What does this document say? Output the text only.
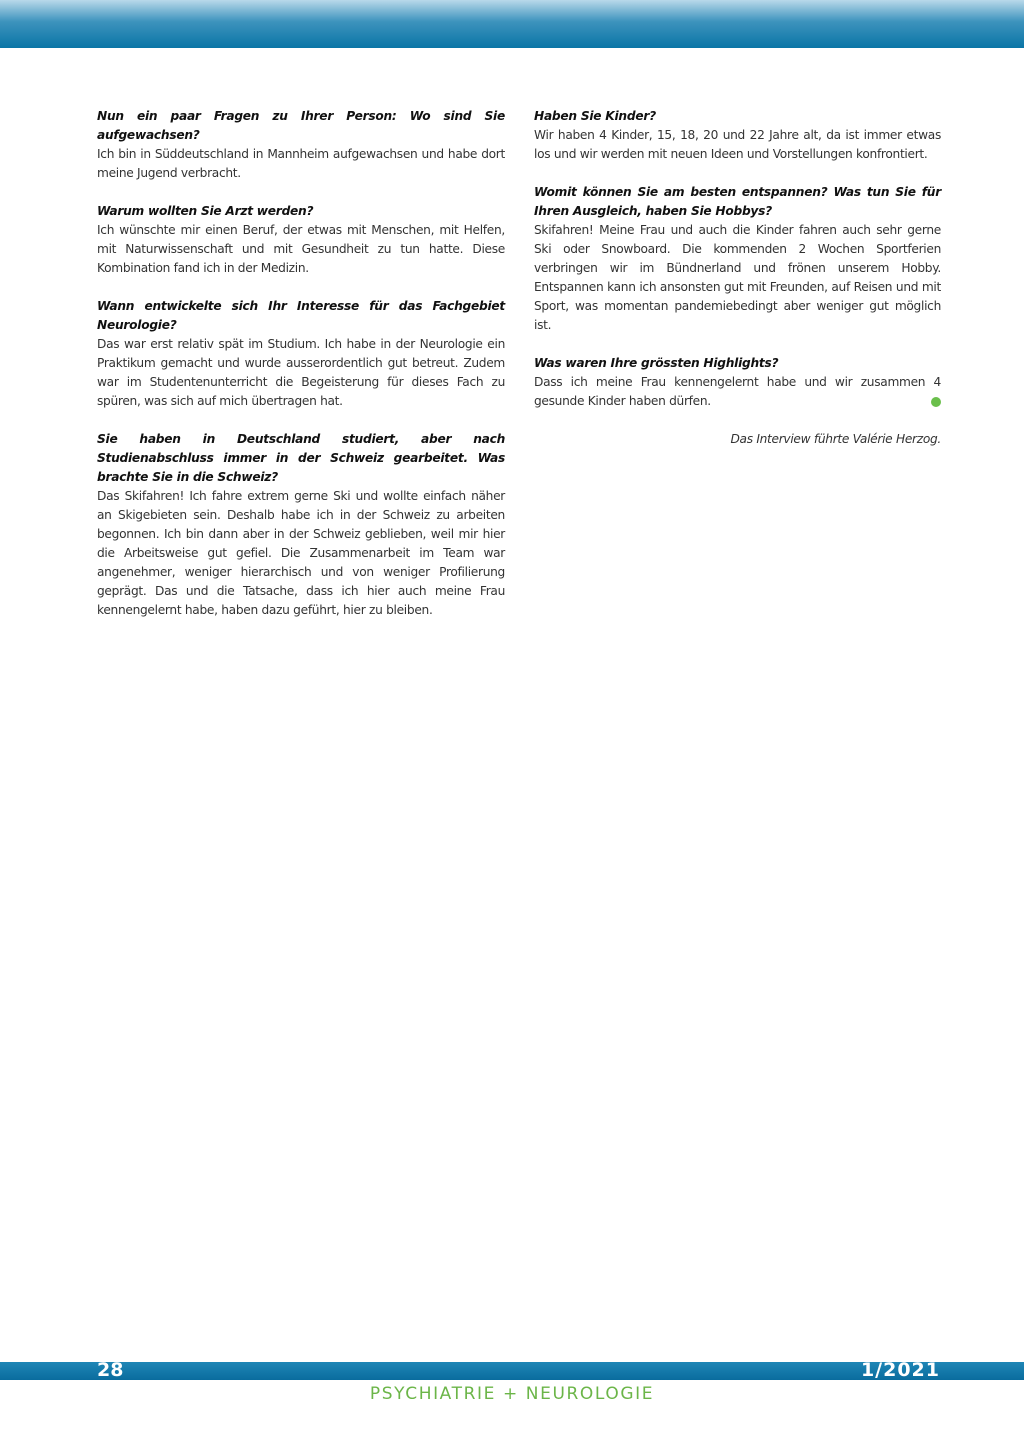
Nun ein paar Fragen zu Ihrer Person: Wo sind Sie aufgewachsen?

Ich bin in Süddeutschland in Mannheim aufgewachsen und habe dort meine Jugend verbracht.

Warum wollten Sie Arzt werden?

Ich wünschte mir einen Beruf, der etwas mit Menschen, mit Helfen, mit Naturwissenschaft und mit Gesundheit zu tun hatte. Diese Kombination fand ich in der Medizin.

Wann entwickelte sich Ihr Interesse für das Fachgebiet Neurologie?

Das war erst relativ spät im Studium. Ich habe in der Neurologie ein Praktikum gemacht und wurde ausserordentlich gut betreut. Zudem war im Studentenunterricht die Begeisterung für dieses Fach zu spüren, was sich auf mich übertragen hat.

Sie haben in Deutschland studiert, aber nach Studienabschluss immer in der Schweiz gearbeitet. Was brachte Sie in die Schweiz?

Das Skifahren! Ich fahre extrem gerne Ski und wollte einfach näher an Skigebieten sein. Deshalb habe ich in der Schweiz zu arbeiten begonnen. Ich bin dann aber in der Schweiz geblieben, weil mir hier die Arbeitsweise gut gefiel. Die Zusammenarbeit im Team war angenehmer, weniger hierarchisch und von weniger Profilierung geprägt. Das und die Tatsache, dass ich hier auch meine Frau kennengelernt habe, haben dazu geführt, hier zu bleiben.

Haben Sie Kinder?

Wir haben 4 Kinder, 15, 18, 20 und 22 Jahre alt, da ist immer etwas los und wir werden mit neuen Ideen und Vorstellungen konfrontiert.

Womit können Sie am besten entspannen? Was tun Sie für Ihren Ausgleich, haben Sie Hobbys?

Skifahren! Meine Frau und auch die Kinder fahren auch sehr gerne Ski oder Snowboard. Die kommenden 2 Wochen Sportferien verbringen wir im Bündnerland und frönen unserem Hobby. Entspannen kann ich ansonsten gut mit Freunden, auf Reisen und mit Sport, was momentan pandemiebedingt aber weniger gut möglich ist.

Was waren Ihre grössten Highlights?

Dass ich meine Frau kennengelernt habe und wir zusammen 4 gesunde Kinder haben dürfen.

Das Interview führte Valérie Herzog.
28	1/2021
PSYCHIATRIE + NEUROLOGIE
